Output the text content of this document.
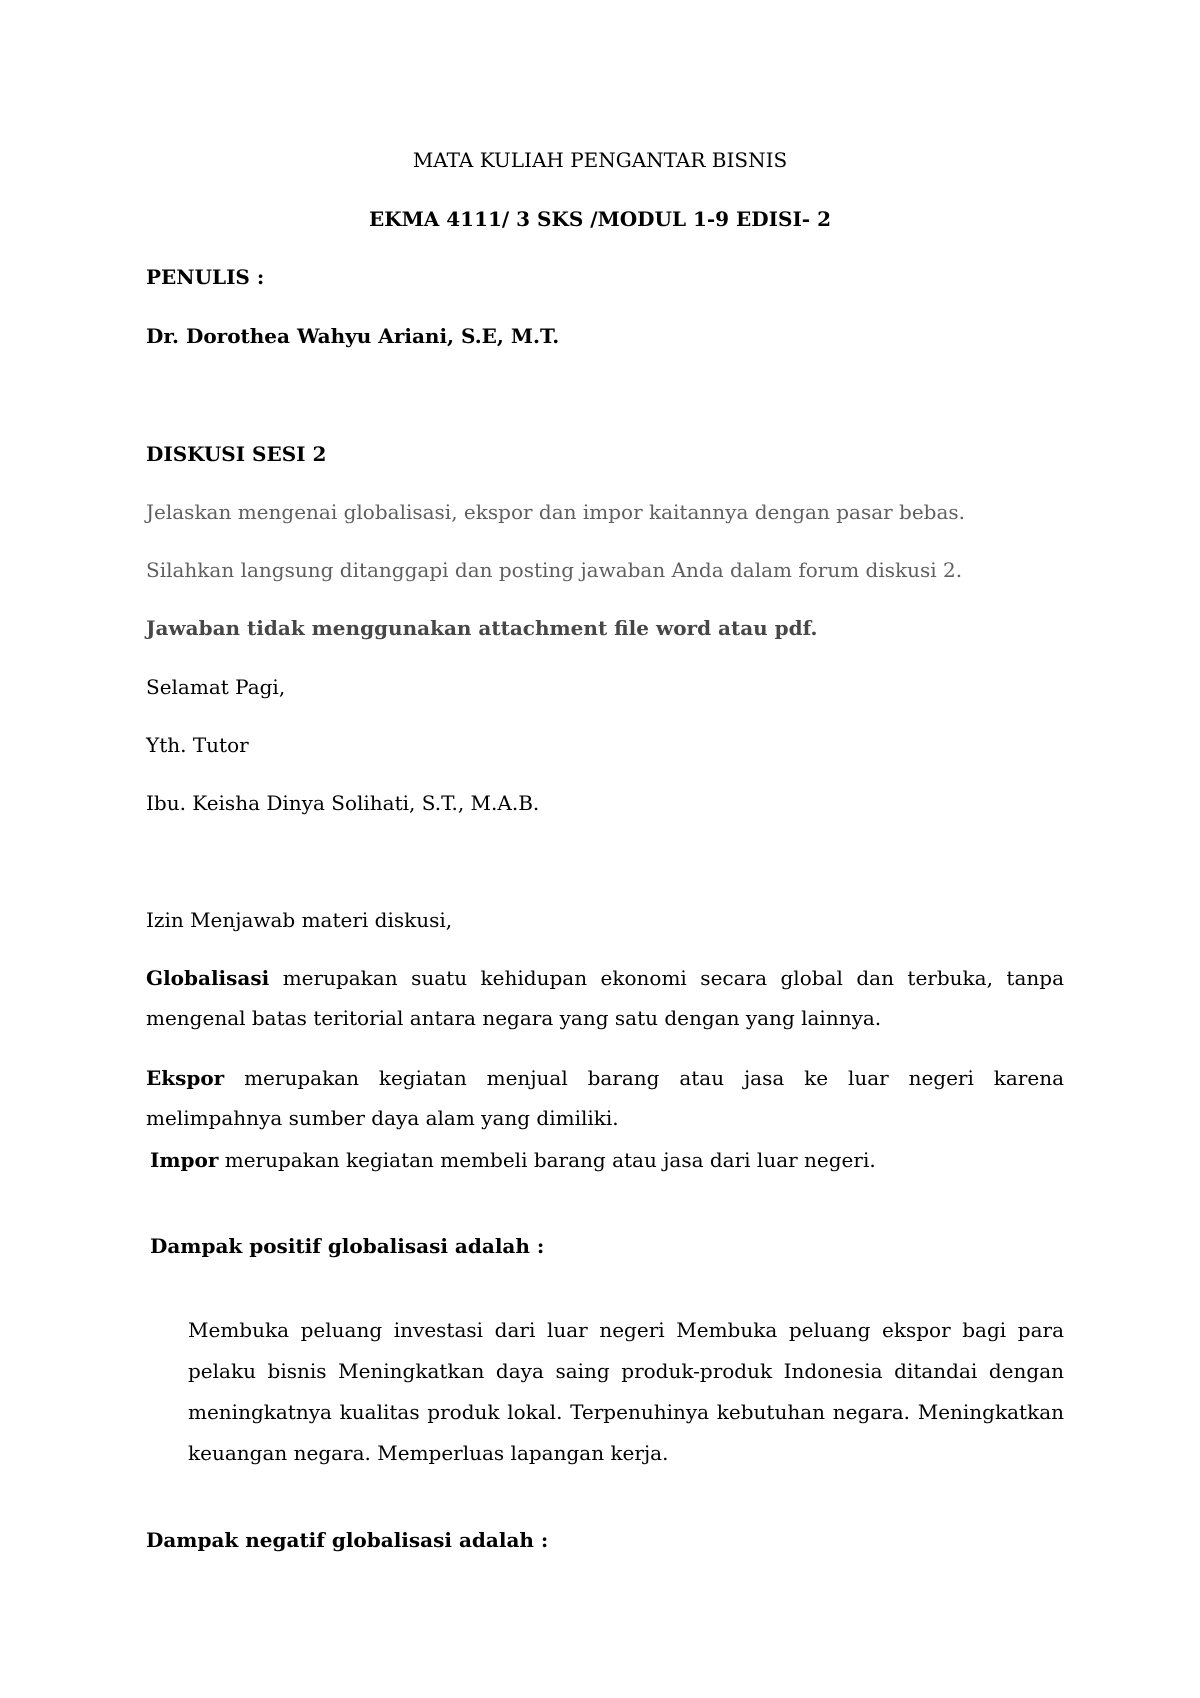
MATA KULIAH PENGANTAR BISNIS
EKMA 4111/ 3 SKS /MODUL 1-9 EDISI- 2
PENULIS :
Dr. Dorothea Wahyu Ariani, S.E, M.T.
DISKUSI SESI 2
Jelaskan mengenai globalisasi, ekspor dan impor kaitannya dengan pasar bebas.
Silahkan langsung ditanggapi dan posting jawaban Anda dalam forum diskusi 2.
Jawaban tidak menggunakan attachment file word atau pdf.
Selamat Pagi,
Yth. Tutor
Ibu. Keisha Dinya Solihati, S.T., M.A.B.
Izin Menjawab materi diskusi,
Globalisasi merupakan suatu kehidupan ekonomi secara global dan terbuka, tanpa mengenal batas teritorial antara negara yang satu dengan yang lainnya.
Ekspor merupakan kegiatan menjual barang atau jasa ke luar negeri karena melimpahnya sumber daya alam yang dimiliki.
Impor merupakan kegiatan membeli barang atau jasa dari luar negeri.
Dampak positif globalisasi adalah :
Membuka peluang investasi dari luar negeri Membuka peluang ekspor bagi para pelaku bisnis Meningkatkan daya saing produk-produk Indonesia ditandai dengan meningkatnya kualitas produk lokal. Terpenuhinya kebutuhan negara. Meningkatkan keuangan negara. Memperluas lapangan kerja.
Dampak negatif globalisasi adalah :
